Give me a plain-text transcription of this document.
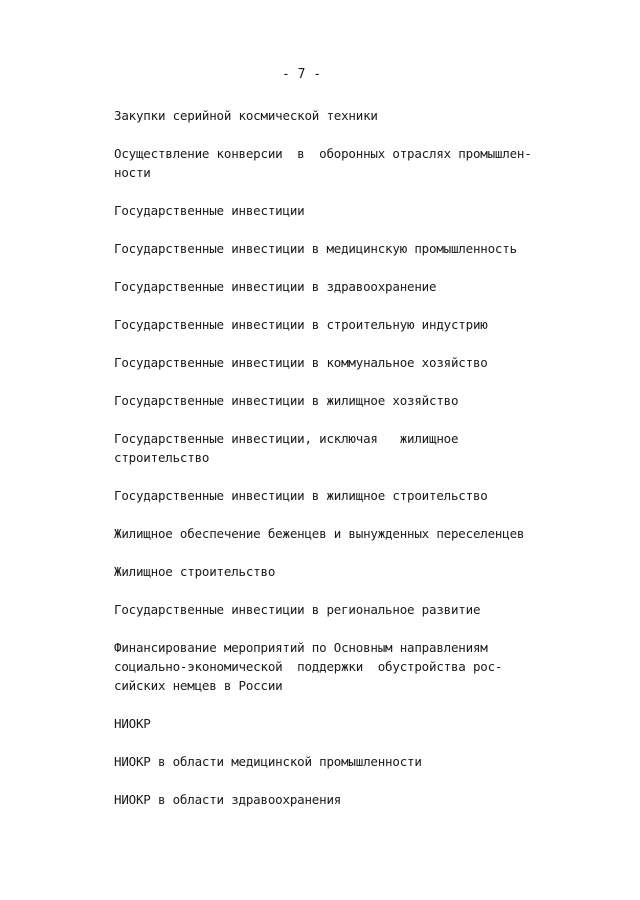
- 7 -

Закупки серийной космической техники

Осуществление конверсии  в  оборонных отраслях промышлен-
ности

Государственные инвестиции

Государственные инвестиции в медицинскую промышленность

Государственные инвестиции в здравоохранение

Государственные инвестиции в строительную индустрию

Государственные инвестиции в коммунальное хозяйство

Государственные инвестиции в жилищное хозяйство

Государственные инвестиции, исключая   жилищное
строительство

Государственные инвестиции в жилищное строительство

Жилищное обеспечение беженцев и вынужденных переселенцев

Жилищное строительство

Государственные инвестиции в региональное развитие

Финансирование мероприятий по Основным направлениям
социально-экономической  поддержки  обустройства рос-
сийских немцев в России

НИОКР

НИОКР в области медицинской промышленности

НИОКР в области здравоохранения
